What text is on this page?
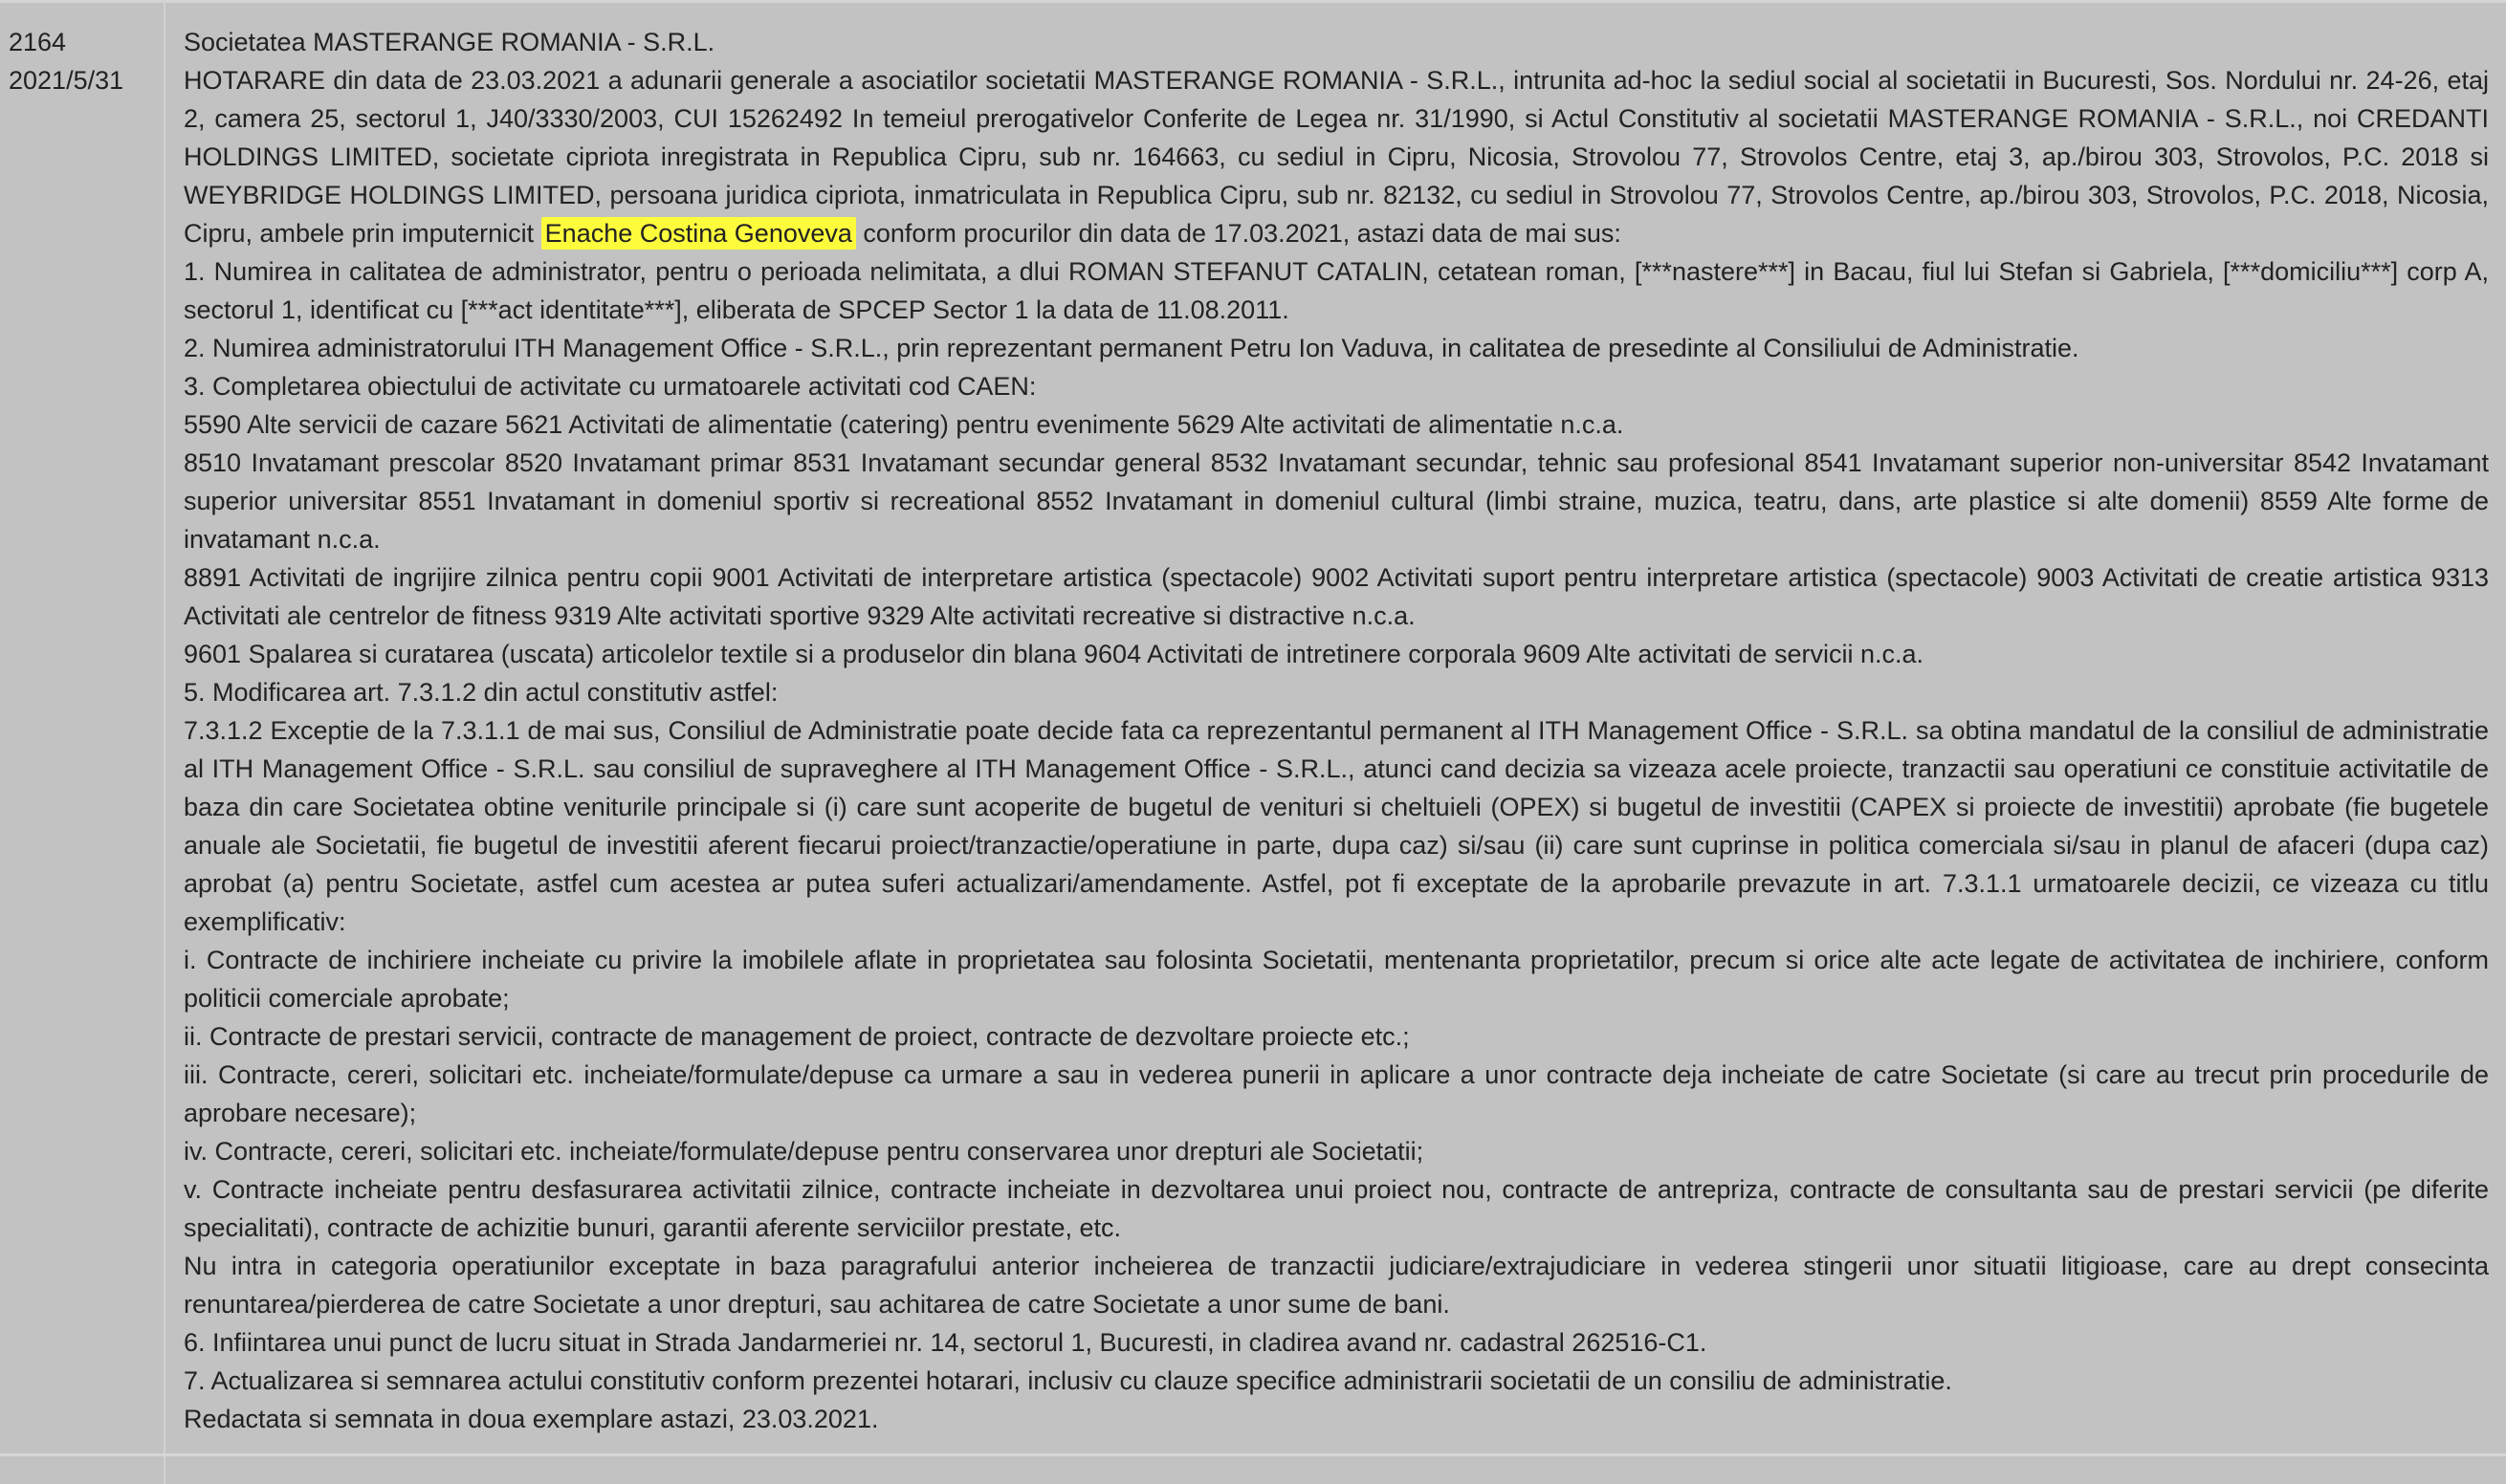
2164
2021/5/31

Societatea MASTERANGE ROMANIA - S.R.L.

HOTARARE din data de 23.03.2021 a adunarii generale a asociatilor societatii MASTERANGE ROMANIA - S.R.L., intrunita ad-hoc la sediul social al societatii in Bucuresti, Sos. Nordului nr. 24-26, etaj 2, camera 25, sectorul 1, J40/3330/2003, CUI 15262492 In temeiul prerogativelor Conferite de Legea nr. 31/1990, si Actul Constitutiv al societatii MASTERANGE ROMANIA - S.R.L., noi CREDANTI HOLDINGS LIMITED, societate cipriota inregistrata in Republica Cipru, sub nr. 164663, cu sediul in Cipru, Nicosia, Strovolou 77, Strovolos Centre, etaj 3, ap./birou 303, Strovolos, P.C. 2018 si WEYBRIDGE HOLDINGS LIMITED, persoana juridica cipriota, inmatriculata in Republica Cipru, sub nr. 82132, cu sediul in Strovolou 77, Strovolos Centre, ap./birou 303, Strovolos, P.C. 2018, Nicosia, Cipru, ambele prin imputernicit Enache Costina Genoveva conform procurilor din data de 17.03.2021, astazi data de mai sus:

1. Numirea in calitatea de administrator, pentru o perioada nelimitata, a dlui ROMAN STEFANUT CATALIN, cetatean roman, [***nastere***] in Bacau, fiul lui Stefan si Gabriela, [***domiciliu***] corp A, sectorul 1, identificat cu [***act identitate***], eliberata de SPCEP Sector 1 la data de 11.08.2011.

2. Numirea administratorului ITH Management Office - S.R.L., prin reprezentant permanent Petru Ion Vaduva, in calitatea de presedinte al Consiliului de Administratie.

3. Completarea obiectului de activitate cu urmatoarele activitati cod CAEN:

5590 Alte servicii de cazare 5621 Activitati de alimentatie (catering) pentru evenimente 5629 Alte activitati de alimentatie n.c.a.

8510 Invatamant prescolar 8520 Invatamant primar 8531 Invatamant secundar general 8532 Invatamant secundar, tehnic sau profesional 8541 Invatamant superior non-universitar 8542 Invatamant superior universitar 8551 Invatamant in domeniul sportiv si recreational 8552 Invatamant in domeniul cultural (limbi straine, muzica, teatru, dans, arte plastice si alte domenii) 8559 Alte forme de invatamant n.c.a.

8891 Activitati de ingrijire zilnica pentru copii 9001 Activitati de interpretare artistica (spectacole) 9002 Activitati suport pentru interpretare artistica (spectacole) 9003 Activitati de creatie artistica 9313 Activitati ale centrelor de fitness 9319 Alte activitati sportive 9329 Alte activitati recreative si distractive n.c.a.

9601 Spalarea si curatarea (uscata) articolelor textile si a produselor din blana 9604 Activitati de intretinere corporala 9609 Alte activitati de servicii n.c.a.

5. Modificarea art. 7.3.1.2 din actul constitutiv astfel:

7.3.1.2 Exceptie de la 7.3.1.1 de mai sus, Consiliul de Administratie poate decide fata ca reprezentantul permanent al ITH Management Office - S.R.L. sa obtina mandatul de la consiliul de administratie al ITH Management Office - S.R.L. sau consiliul de supraveghere al ITH Management Office - S.R.L., atunci cand decizia sa vizeaza acele proiecte, tranzactii sau operatiuni ce constituie activitatile de baza din care Societatea obtine veniturile principale si (i) care sunt acoperite de bugetul de venituri si cheltuieli (OPEX) si bugetul de investitii (CAPEX si proiecte de investitii) aprobate (fie bugetele anuale ale Societatii, fie bugetul de investitii aferent fiecarui proiect/tranzactie/operatiune in parte, dupa caz) si/sau (ii) care sunt cuprinse in politica comerciala si/sau in planul de afaceri (dupa caz) aprobat (a) pentru Societate, astfel cum acestea ar putea suferi actualizari/amendamente. Astfel, pot fi exceptate de la aprobarile prevazute in art. 7.3.1.1 urmatoarele decizii, ce vizeaza cu titlu exemplificativ:

i. Contracte de inchiriere incheiate cu privire la imobilele aflate in proprietatea sau folosinta Societatii, mentenanta proprietatilor, precum si orice alte acte legate de activitatea de inchiriere, conform politicii comerciale aprobate;

ii. Contracte de prestari servicii, contracte de management de proiect, contracte de dezvoltare proiecte etc.;

iii. Contracte, cereri, solicitari etc. incheiate/formulate/depuse ca urmare a sau in vederea punerii in aplicare a unor contracte deja incheiate de catre Societate (si care au trecut prin procedurile de aprobare necesare);

iv. Contracte, cereri, solicitari etc. incheiate/formulate/depuse pentru conservarea unor drepturi ale Societatii;

v. Contracte incheiate pentru desfasurarea activitatii zilnice, contracte incheiate in dezvoltarea unui proiect nou, contracte de antrepriza, contracte de consultanta sau de prestari servicii (pe diferite specialitati), contracte de achizitie bunuri, garantii aferente serviciilor prestate, etc.

Nu intra in categoria operatiunilor exceptate in baza paragrafului anterior incheierea de tranzactii judiciare/extrajudiciare in vederea stingerii unor situatii litigioase, care au drept consecinta renuntarea/pierderea de catre Societate a unor drepturi, sau achitarea de catre Societate a unor sume de bani.

6. Infiintarea unui punct de lucru situat in Strada Jandarmeriei nr. 14, sectorul 1, Bucuresti, in cladirea avand nr. cadastral 262516-C1.

7. Actualizarea si semnarea actului constitutiv conform prezentei hotarari, inclusiv cu clauze specifice administrarii societatii de un consiliu de administratie.

Redactata si semnata in doua exemplare astazi, 23.03.2021.
